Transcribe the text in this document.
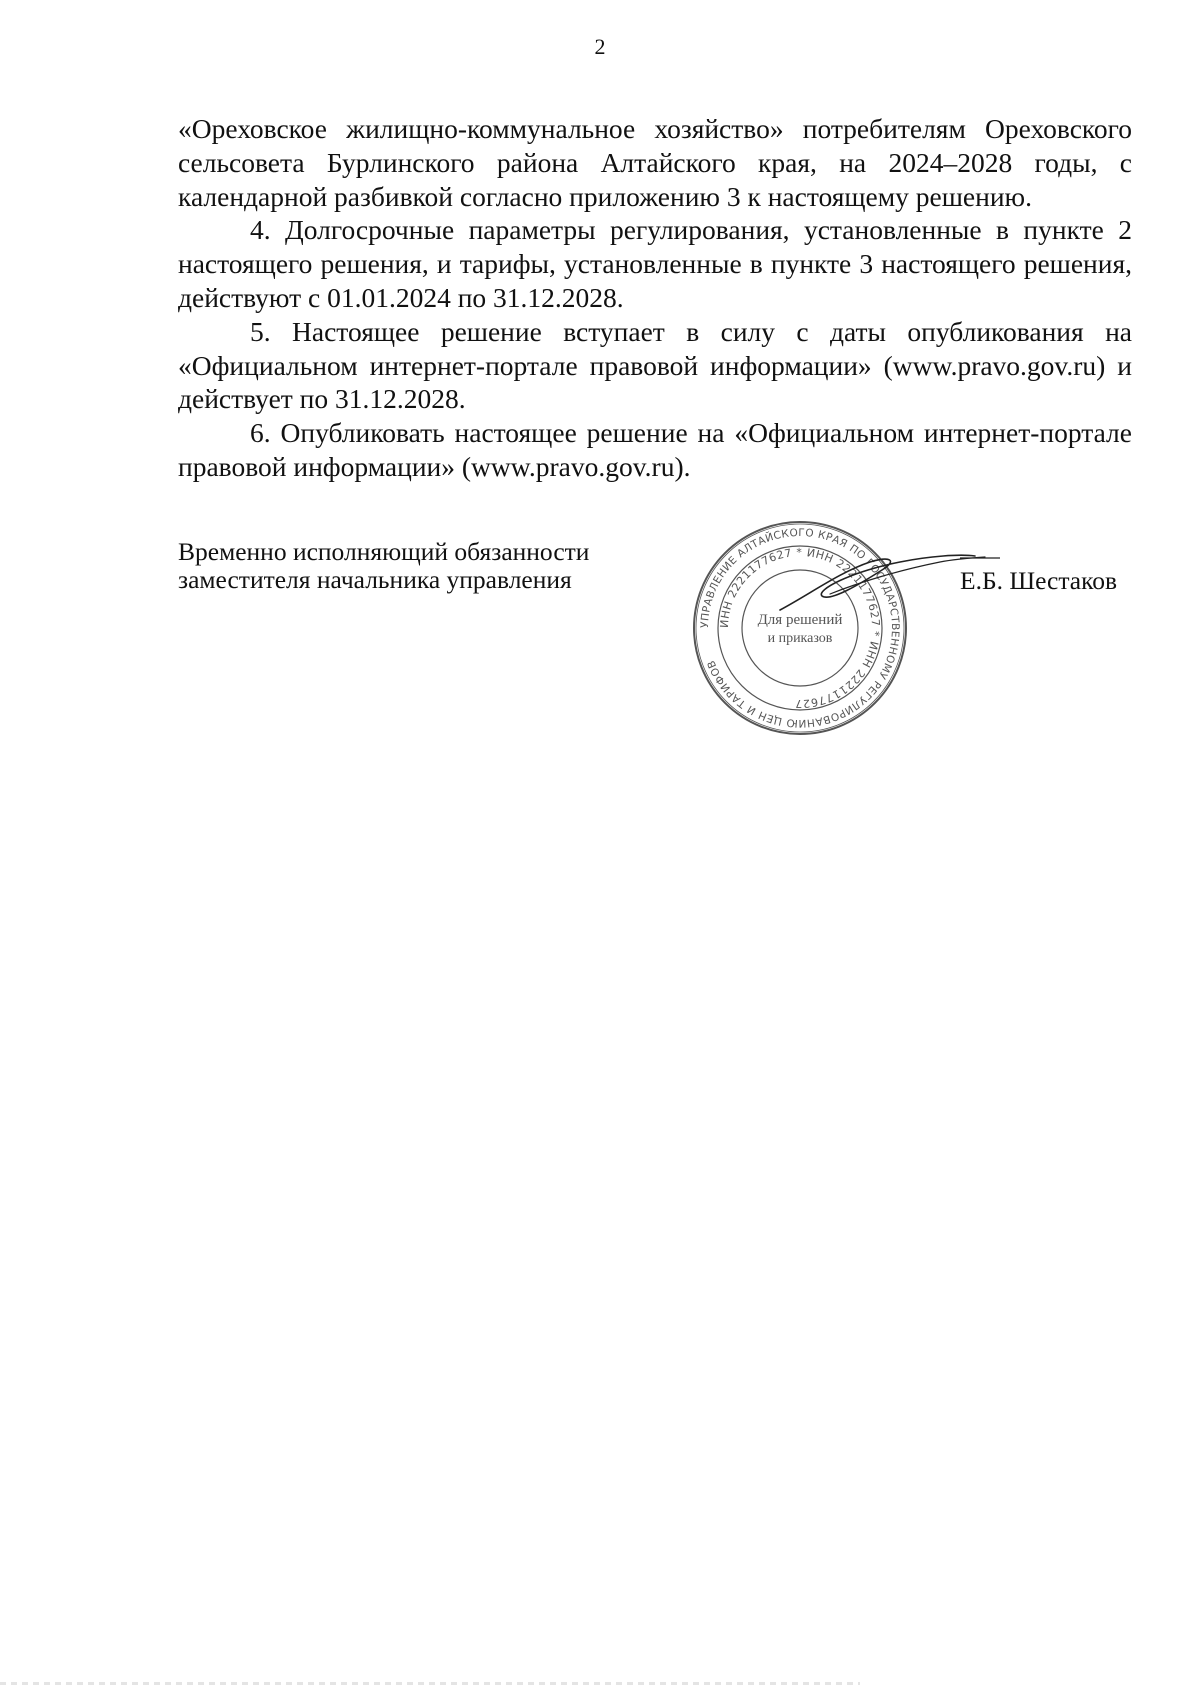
2

«Ореховское жилищно-коммунальное хозяйство» потребителям Ореховского сельсовета Бурлинского района Алтайского края, на 2024–2028 годы, с календарной разбивкой согласно приложению 3 к настоящему решению.

4. Долгосрочные параметры регулирования, установленные в пункте 2 настоящего решения, и тарифы, установленные в пункте 3 настоящего решения, действуют с 01.01.2024 по 31.12.2028.

5. Настоящее решение вступает в силу с даты опубликования на «Официальном интернет-портале правовой информации» (www.pravo.gov.ru) и действует по 31.12.2028.

6. Опубликовать настоящее решение на «Официальном интернет-портале правовой информации» (www.pravo.gov.ru).

Временно исполняющий обязанности
заместителя начальника управления
УПРАВЛЕНИЕ АЛТАЙСКОГО КРАЯ ПО ГОСУДАРСТВЕННОМУ РЕГУЛИРОВАНИЮ ЦЕН И ТАРИФОВ
ИНН 2221177627 * ИНН 2221177627 * ИНН 2221177627
Для решений
и приказов
Е.Б. Шестаков
